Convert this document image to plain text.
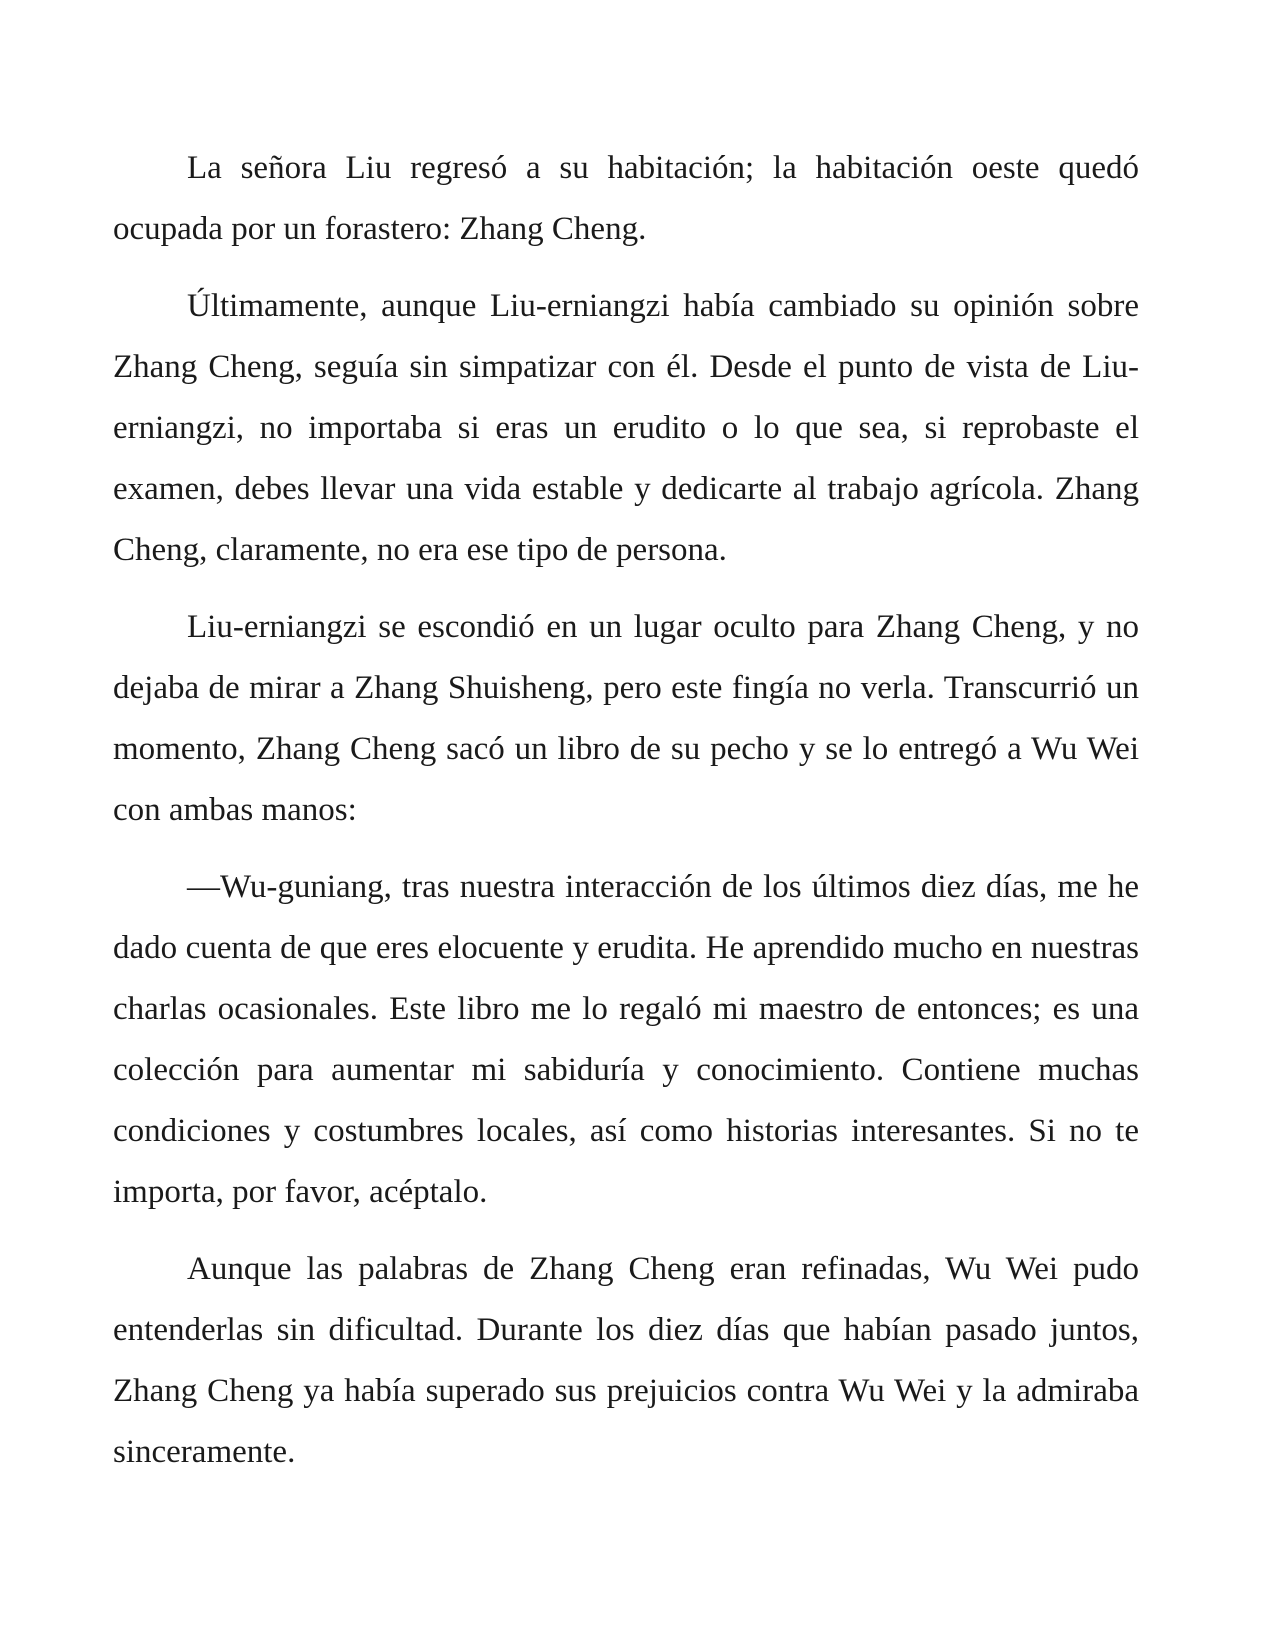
La señora Liu regresó a su habitación; la habitación oeste quedó ocupada por un forastero: Zhang Cheng.

Últimamente, aunque Liu-erniangzi había cambiado su opinión sobre Zhang Cheng, seguía sin simpatizar con él. Desde el punto de vista de Liu-erniangzi, no importaba si eras un erudito o lo que sea, si reprobaste el examen, debes llevar una vida estable y dedicarte al trabajo agrícola. Zhang Cheng, claramente, no era ese tipo de persona.

Liu-erniangzi se escondió en un lugar oculto para Zhang Cheng, y no dejaba de mirar a Zhang Shuisheng, pero este fingía no verla. Transcurrió un momento, Zhang Cheng sacó un libro de su pecho y se lo entregó a Wu Wei con ambas manos:

—Wu-guniang, tras nuestra interacción de los últimos diez días, me he dado cuenta de que eres elocuente y erudita. He aprendido mucho en nuestras charlas ocasionales. Este libro me lo regaló mi maestro de entonces; es una colección para aumentar mi sabiduría y conocimiento. Contiene muchas condiciones y costumbres locales, así como historias interesantes. Si no te importa, por favor, acéptalo.

Aunque las palabras de Zhang Cheng eran refinadas, Wu Wei pudo entenderlas sin dificultad. Durante los diez días que habían pasado juntos, Zhang Cheng ya había superado sus prejuicios contra Wu Wei y la admiraba sinceramente.
